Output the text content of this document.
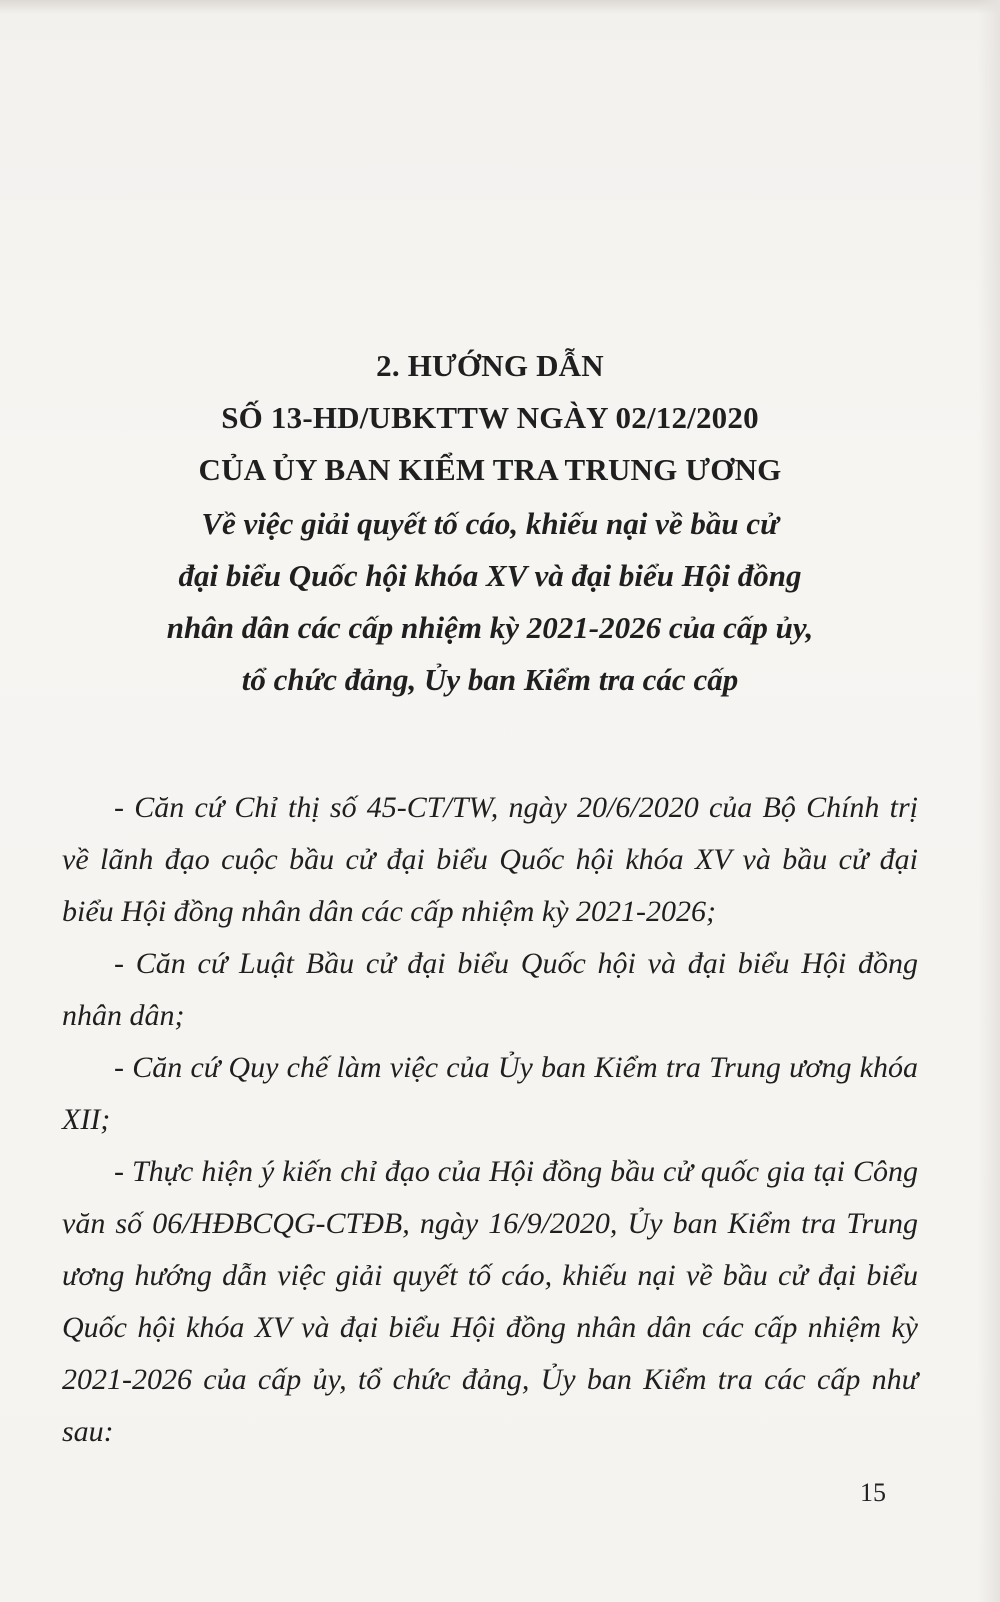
2. HƯỚNG DẪN

SỐ 13-HD/UBKTTW NGÀY 02/12/2020

CỦA ỦY BAN KIỂM TRA TRUNG ƯƠNG

Về việc giải quyết tố cáo, khiếu nại về bầu cử
đại biểu Quốc hội khóa XV và đại biểu Hội đồng
nhân dân các cấp nhiệm kỳ 2021-2026 của cấp ủy,
tổ chức đảng, Ủy ban Kiểm tra các cấp

- Căn cứ Chỉ thị số 45-CT/TW, ngày 20/6/2020 của Bộ Chính trị về lãnh đạo cuộc bầu cử đại biểu Quốc hội khóa XV và bầu cử đại biểu Hội đồng nhân dân các cấp nhiệm kỳ 2021-2026;

- Căn cứ Luật Bầu cử đại biểu Quốc hội và đại biểu Hội đồng nhân dân;

- Căn cứ Quy chế làm việc của Ủy ban Kiểm tra Trung ương khóa XII;

- Thực hiện ý kiến chỉ đạo của Hội đồng bầu cử quốc gia tại Công văn số 06/HĐBCQG-CTĐB, ngày 16/9/2020, Ủy ban Kiểm tra Trung ương hướng dẫn việc giải quyết tố cáo, khiếu nại về bầu cử đại biểu Quốc hội khóa XV và đại biểu Hội đồng nhân dân các cấp nhiệm kỳ 2021-2026 của cấp ủy, tổ chức đảng, Ủy ban Kiểm tra các cấp như sau:

15
